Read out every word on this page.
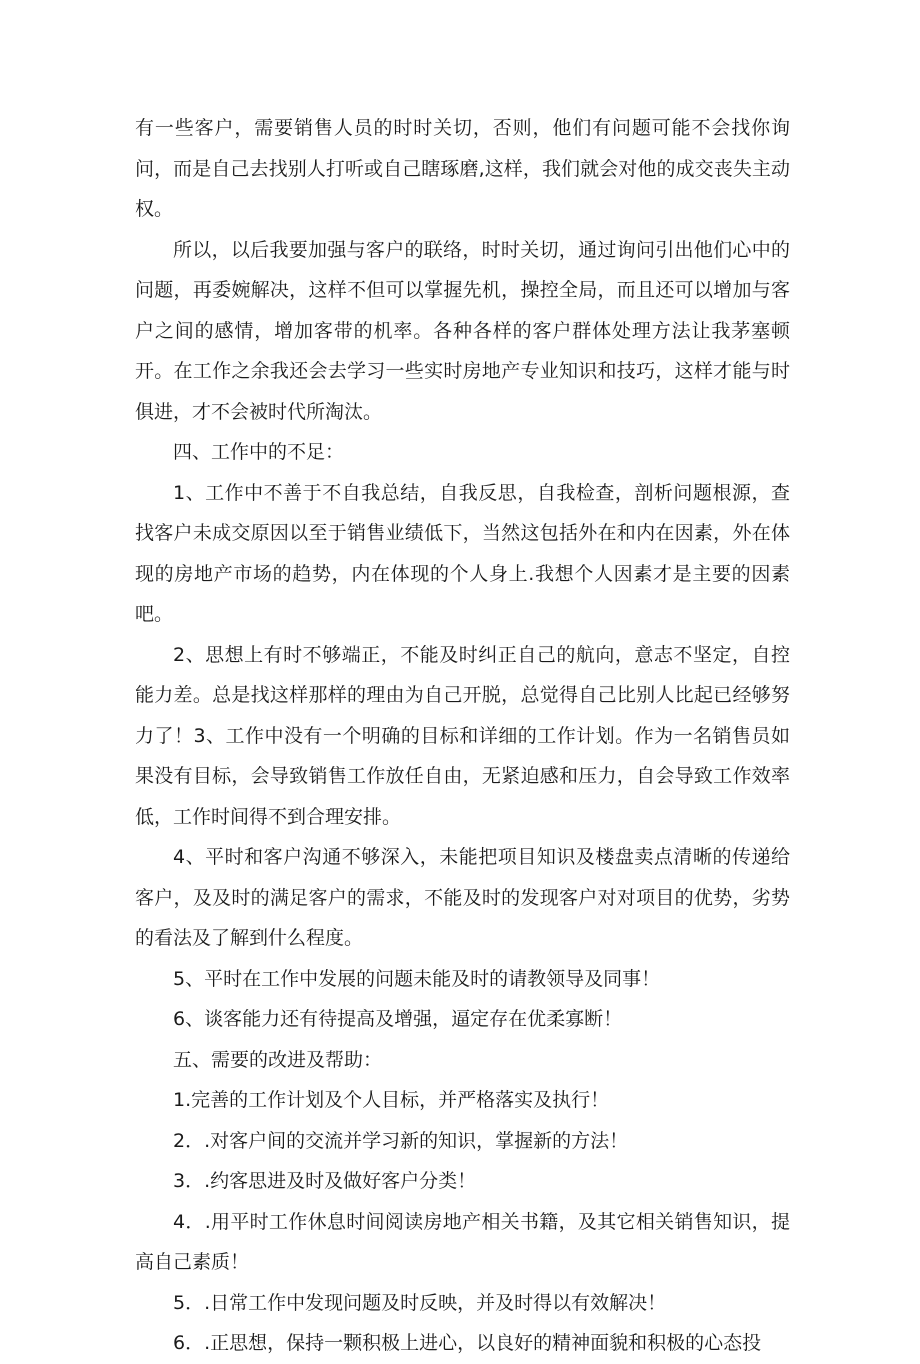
有一些客户，需要销售人员的时时关切，否则，他们有问题可能不会找你询问，而是自己去找别人打听或自己瞎琢磨,这样，我们就会对他的成交丧失主动权。

所以，以后我要加强与客户的联络，时时关切，通过询问引出他们心中的问题，再委婉解决，这样不但可以掌握先机，操控全局，而且还可以增加与客户之间的感情，增加客带的机率。各种各样的客户群体处理方法让我茅塞顿开。在工作之余我还会去学习一些实时房地产专业知识和技巧，这样才能与时俱进，才不会被时代所淘汰。

四、工作中的不足：

1、工作中不善于不自我总结，自我反思，自我检查，剖析问题根源，查找客户未成交原因以至于销售业绩低下，当然这包括外在和内在因素，外在体现的房地产市场的趋势，内在体现的个人身上.我想个人因素才是主要的因素吧。

2、思想上有时不够端正，不能及时纠正自己的航向，意志不坚定，自控能力差。总是找这样那样的理由为自己开脱，总觉得自己比别人比起已经够努力了！3、工作中没有一个明确的目标和详细的工作计划。作为一名销售员如果没有目标，会导致销售工作放任自由，无紧迫感和压力，自会导致工作效率低，工作时间得不到合理安排。

4、平时和客户沟通不够深入，未能把项目知识及楼盘卖点清晰的传递给客户，及及时的满足客户的需求，不能及时的发现客户对对项目的优势，劣势的看法及了解到什么程度。

5、平时在工作中发展的问题未能及时的请教领导及同事！

6、谈客能力还有待提高及增强，逼定存在优柔寡断！

五、需要的改进及帮助：

1.完善的工作计划及个人目标，并严格落实及执行！

2．.对客户间的交流并学习新的知识，掌握新的方法！

3．.约客思进及时及做好客户分类！

4．.用平时工作休息时间阅读房地产相关书籍，及其它相关销售知识，提高自己素质！

5．.日常工作中发现问题及时反映，并及时得以有效解决！

6．.正思想，保持一颗积极上进心，以良好的精神面貌和积极的心态投
